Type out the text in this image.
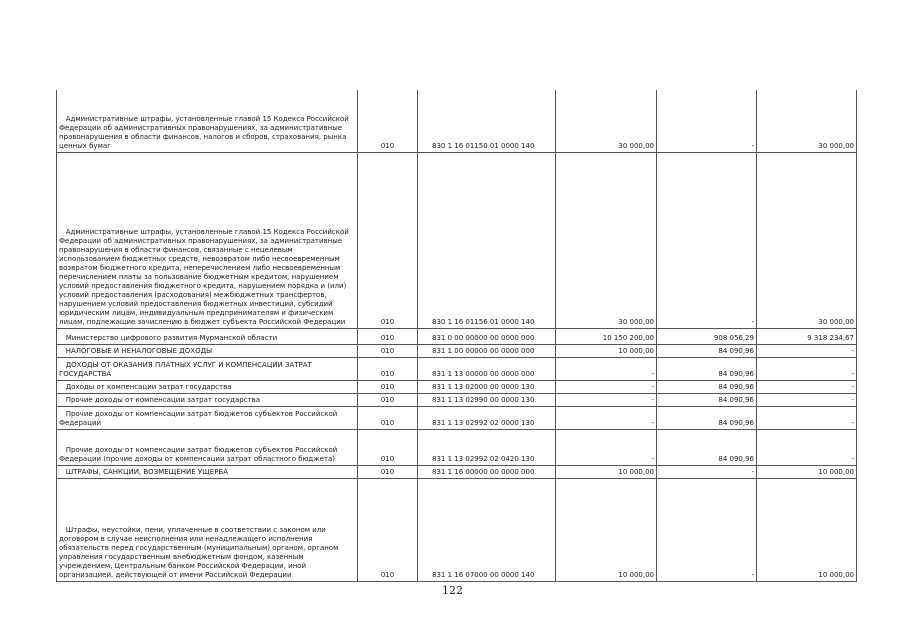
Административные штрафы, установленные главой 15 Кодекса Российской Федерации об административных правонарушениях, за административные правонарушения в области финансов, налогов и сборов, страхования, рынка ценных бумаг	010	830 1 16 01150 01 0000 140	30 000,00	-	30 000,00
Административные штрафы, установленные главой 15 Кодекса Российской Федерации об административных правонарушениях, за административные правонарушения в области финансов, связанные с нецелевым использованием бюджетных средств, невозвратом либо несвоевременным возвратом бюджетного кредита, неперечислением либо несвоевременным перечислением платы за пользование бюджетным кредитом, нарушением условий предоставления бюджетного кредита, нарушением порядка и (или) условий предоставления (расходования) межбюджетных трансфертов, нарушением условий предоставления бюджетных инвестиций, субсидий юридическим лицам, индивидуальным предпринимателям и физическим лицам, подлежащие зачислению в бюджет субъекта Российской Федерации	010	830 1 16 01156 01 0000 140	30 000,00	-	30 000,00
Министерство цифрового развития Мурманской области	010	831 0 00 00000 00 0000 000	10 150 200,00	908 056,29	9 318 234,67
НАЛОГОВЫЕ И НЕНАЛОГОВЫЕ ДОХОДЫ	010	831 1 00 00000 00 0000 000	10 000,00	84 090,96	-
ДОХОДЫ ОТ ОКАЗАНИЯ ПЛАТНЫХ УСЛУГ И КОМПЕНСАЦИИ ЗАТРАТ ГОСУДАРСТВА	010	831 1 13 00000 00 0000 000	-	84 090,96	-
Доходы от компенсации затрат государства	010	831 1 13 02000 00 0000 130	-	84 090,96	-
Прочие доходы от компенсации затрат государства	010	831 1 13 02990 00 0000 130	-	84 090,96	-
Прочие доходы от компенсации затрат бюджетов субъектов Российской Федерации	010	831 1 13 02992 02 0000 130	-	84 090,96	-
Прочие доходы от компенсации затрат бюджетов субъектов Российской Федерации (прочие доходы от компенсации затрат областного бюджета)	010	831 1 13 02992 02 0420 130	-	84 090,96	-
ШТРАФЫ, САНКЦИИ, ВОЗМЕЩЕНИЕ УЩЕРБА	010	831 1 16 00000 00 0000 000	10 000,00	-	10 000,00
Штрафы, неустойки, пени, уплаченные в соответствии с законом или договором в случае неисполнения или ненадлежащего исполнения обязательств перед государственным (муниципальным) органом, органом управления государственным внебюджетным фондом, казенным учреждением, Центральным банком Российской Федерации, иной организацией, действующей от имени Российской Федерации	010	831 1 16 07000 00 0000 140	10 000,00	-	10 000,00
122
